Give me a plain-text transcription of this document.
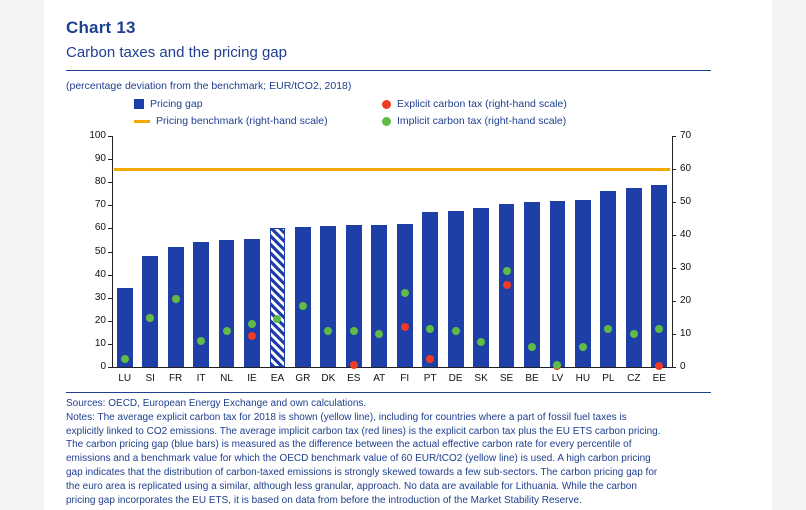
Chart 13
Carbon taxes and the pricing gap
(percentage deviation from the benchmark; EUR/tCO2, 2018)
Pricing gap
Pricing benchmark (right-hand scale)
Explicit carbon tax (right-hand scale)
Implicit carbon tax (right-hand scale)
0
10
20
30
40
50
60
70
80
90
100
0
10
20
30
40
50
60
70
LU	SI	FR	IT	NL	IE	EA	GR	DK	ES	AT	FI	PT	DE	SK	SE	BE	LV	HU	PL	CZ	EE

Sources: OECD, European Energy Exchange and own calculations.

Notes: The average explicit carbon tax for 2018 is shown (yellow line), including for countries where a part of fossil fuel taxes is

explicitly linked to CO2 emissions. The average implicit carbon tax (red lines) is the explicit carbon tax plus the EU ETS carbon pricing.

The carbon pricing gap (blue bars) is measured as the difference between the actual effective carbon rate for every percentile of

emissions and a benchmark value for which the OECD benchmark value of 60 EUR/tCO2 (yellow line) is used. A high carbon pricing

gap indicates that the distribution of carbon-taxed emissions is strongly skewed towards a few sub-sectors. The carbon pricing gap for

the euro area is replicated using a similar, although less granular, approach. No data are available for Lithuania. While the carbon

pricing gap incorporates the EU ETS, it is based on data from before the introduction of the Market Stability Reserve.
